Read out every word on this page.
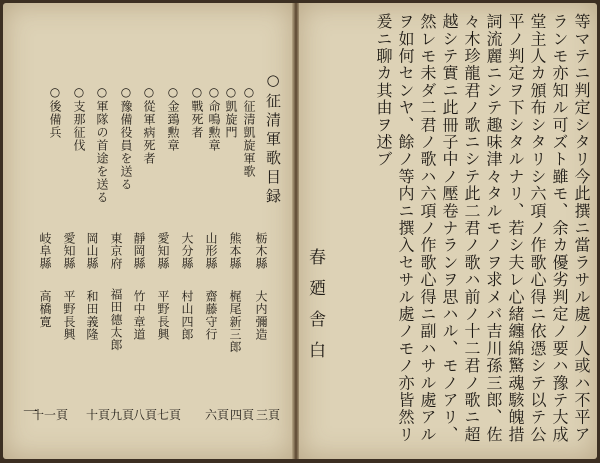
○征清軍歌目録
○征清凱旋軍歌
○凱旋門
○命鳴勲章
○戰死者
○金鵄勲章
○從軍病死者
○豫備役員を送る
○軍隊の首途を送る
○支那征伐
○後備兵
一	等マテニ判定シタリ今此撰ニ當ラサル處ノ人或ハ不平ア
ランモ亦知ル可ズト雖モ、余カ優劣判定ノ要ハ豫テ大成
堂主人カ頒布シタリシ六項ノ作歌心得ニ依憑シテ以テ公
平ノ判定ヲ下シタルナリ、若シ夫レ心緒纏綿驚魂駭魄措
詞流麗ニシテ趣味津々タルモノヲ求メバ吉川孫三郎、佐
々木珍龍君ノ歌ニシテ此二君ノ歌ハ前ノ十二君ノ歌ニ超
越シテ實ニ此冊子中ノ壓卷ナランヲ思ハル、モノアリ、
然レモ未ダ二君ノ歌ハ六項ノ作歌心得ニ副ハサル處アル
ヲ如何センヤ、餘ノ等内ニ撰入セサル處ノモノ亦皆然リ
爰ニ聊カ其由ヲ述ブ
春廼舎白
栃木縣
大内彌造
三頁
熊本縣
梶尾新三郎
四頁
山形縣
齋藤守行
六頁
大分縣
村山四郎
愛知縣
平野長興
七頁
靜岡縣
竹中章道
八頁
東京府
福田德太郎
九頁
岡山縣
和田義隆
十頁
愛知縣
平野長興
岐阜縣
高橋寛
十一頁
